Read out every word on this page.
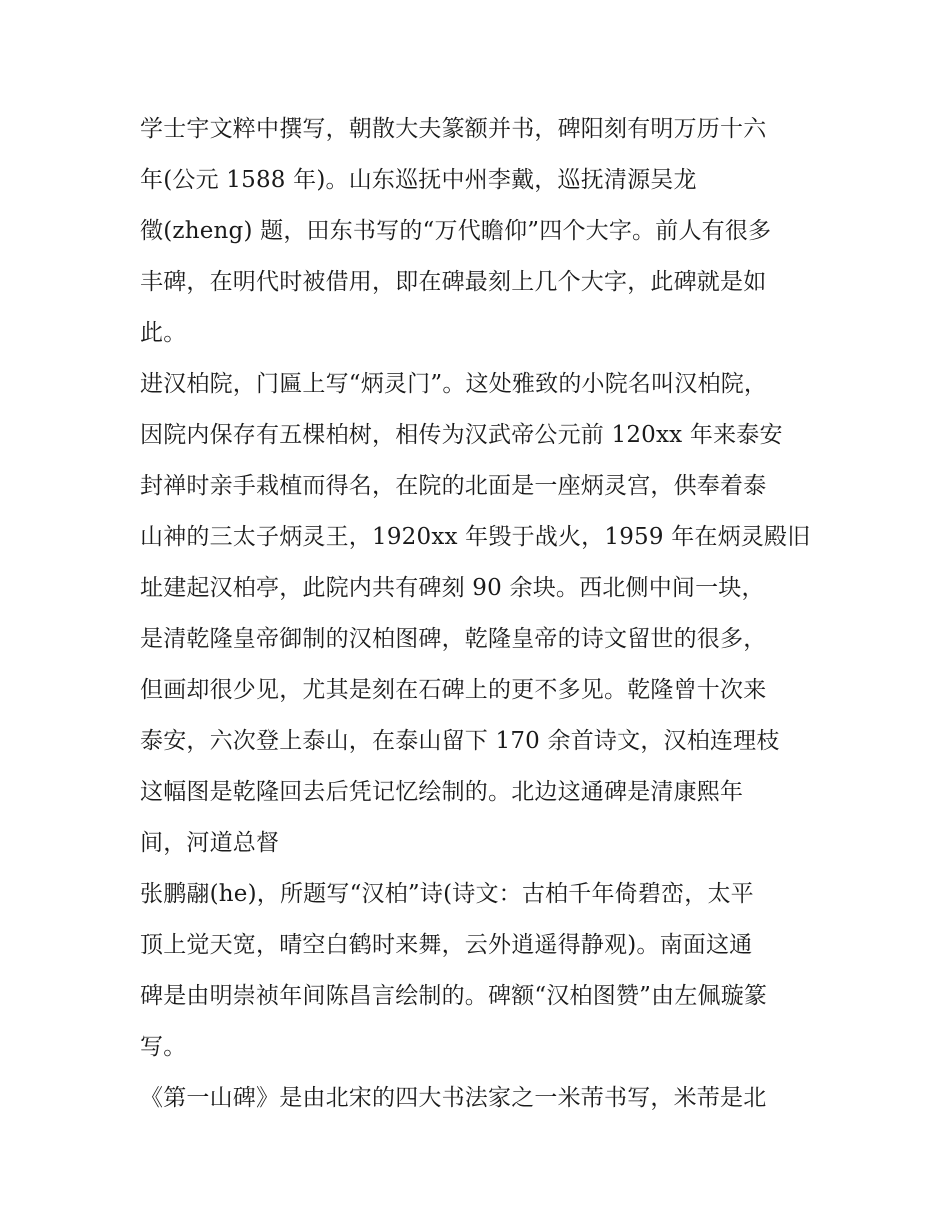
学士宇文粹中撰写，朝散大夫篆额并书，碑阳刻有明万历十六
年(公元 1588 年)。山东巡抚中州李戴，巡抚清源吴龙
徵(zheng) 题，田东书写的“万代瞻仰”四个大字。前人有很多
丰碑，在明代时被借用，即在碑最刻上几个大字，此碑就是如
此。
进汉柏院，门匾上写“炳灵门”。这处雅致的小院名叫汉柏院，
因院内保存有五棵柏树，相传为汉武帝公元前 120xx 年来泰安
封禅时亲手栽植而得名，在院的北面是一座炳灵宫，供奉着泰
山神的三太子炳灵王，1920xx 年毁于战火，1959 年在炳灵殿旧
址建起汉柏亭，此院内共有碑刻 90 余块。西北侧中间一块，
是清乾隆皇帝御制的汉柏图碑，乾隆皇帝的诗文留世的很多，
但画却很少见，尤其是刻在石碑上的更不多见。乾隆曾十次来
泰安，六次登上泰山，在泰山留下 170 余首诗文，汉柏连理枝
这幅图是乾隆回去后凭记忆绘制的。北边这通碑是清康熙年
间，河道总督
张鹏翮(he)，所题写“汉柏”诗(诗文：古柏千年倚碧峦，太平
顶上觉天宽，晴空白鹤时来舞，云外逍遥得静观)。南面这通
碑是由明崇祯年间陈昌言绘制的。碑额“汉柏图赞”由左佩璇篆
写。
《第一山碑》是由北宋的四大书法家之一米芾书写，米芾是北
